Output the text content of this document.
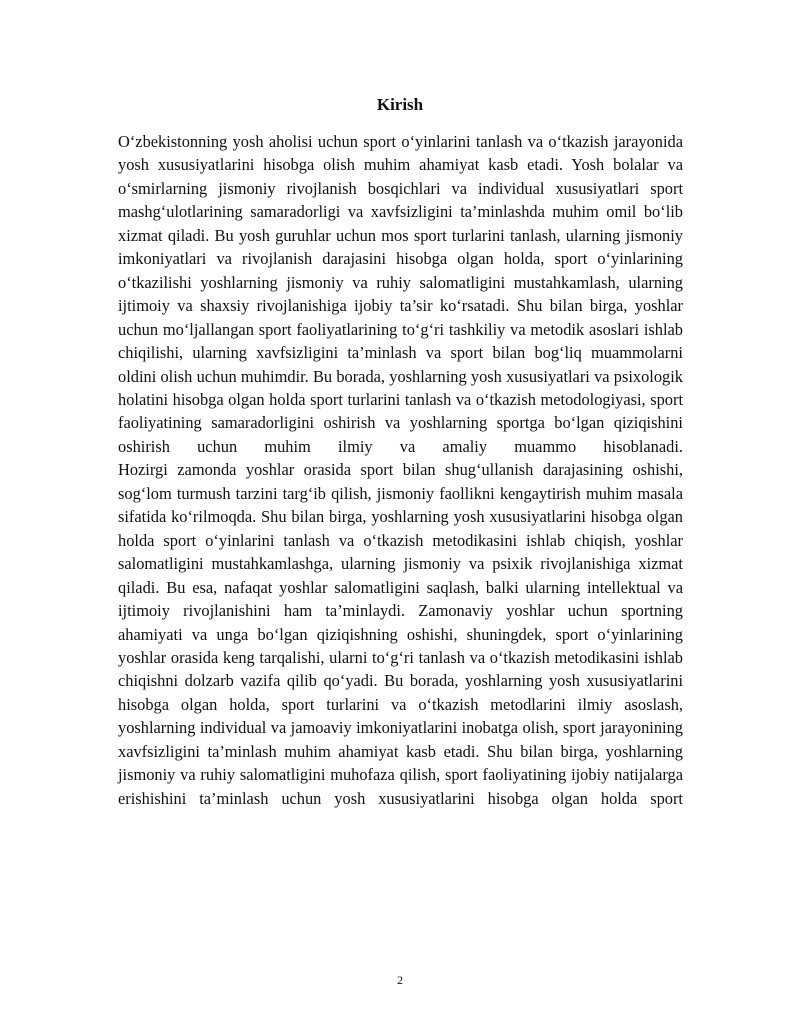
Kirish

O‘zbekistonning yosh aholisi uchun sport o‘yinlarini tanlash va o‘tkazish jarayonida yosh xususiyatlarini hisobga olish muhim ahamiyat kasb etadi. Yosh bolalar va o‘smirlarning jismoniy rivojlanish bosqichlari va individual xususiyatlari sport mashg‘ulotlarining samaradorligi va xavfsizligini ta’minlashda muhim omil bo‘lib xizmat qiladi. Bu yosh guruhlar uchun mos sport turlarini tanlash, ularning jismoniy imkoniyatlari va rivojlanish darajasini hisobga olgan holda, sport o‘yinlarining o‘tkazilishi yoshlarning jismoniy va ruhiy salomatligini mustahkamlash, ularning ijtimoiy va shaxsiy rivojlanishiga ijobiy ta’sir ko‘rsatadi. Shu bilan birga, yoshlar uchun mo‘ljallangan sport faoliyatlarining to‘g‘ri tashkiliy va metodik asoslari ishlab chiqilishi, ularning xavfsizligini ta’minlash va sport bilan bog‘liq muammolarni oldini olish uchun muhimdir. Bu borada, yoshlarning yosh xususiyatlari va psixologik holatini hisobga olgan holda sport turlarini tanlash va o‘tkazish metodologiyasi, sport faoliyatining samaradorligini oshirish va yoshlarning sportga bo‘lgan qiziqishini oshirish uchun muhim ilmiy va amaliy muammo hisoblanadi.

Hozirgi zamonda yoshlar orasida sport bilan shug‘ullanish darajasining oshishi, sog‘lom turmush tarzini targ‘ib qilish, jismoniy faollikni kengaytirish muhim masala sifatida ko‘rilmoqda. Shu bilan birga, yoshlarning yosh xususiyatlarini hisobga olgan holda sport o‘yinlarini tanlash va o‘tkazish metodikasini ishlab chiqish, yoshlar salomatligini mustahkamlashga, ularning jismoniy va psixik rivojlanishiga xizmat qiladi. Bu esa, nafaqat yoshlar salomatligini saqlash, balki ularning intellektual va ijtimoiy rivojlanishini ham ta’minlaydi. Zamonaviy yoshlar uchun sportning ahamiyati va unga bo‘lgan qiziqishning oshishi, shuningdek, sport o‘yinlarining yoshlar orasida keng tarqalishi, ularni to‘g‘ri tanlash va o‘tkazish metodikasini ishlab chiqishni dolzarb vazifa qilib qo‘yadi. Bu borada, yoshlarning yosh xususiyatlarini hisobga olgan holda, sport turlarini va o‘tkazish metodlarini ilmiy asoslash, yoshlarning individual va jamoaviy imkoniyatlarini inobatga olish, sport jarayonining xavfsizligini ta’minlash muhim ahamiyat kasb etadi. Shu bilan birga, yoshlarning jismoniy va ruhiy salomatligini muhofaza qilish, sport faoliyatining ijobiy natijalarga erishishini ta’minlash uchun yosh xususiyatlarini hisobga olgan holda sport

2
